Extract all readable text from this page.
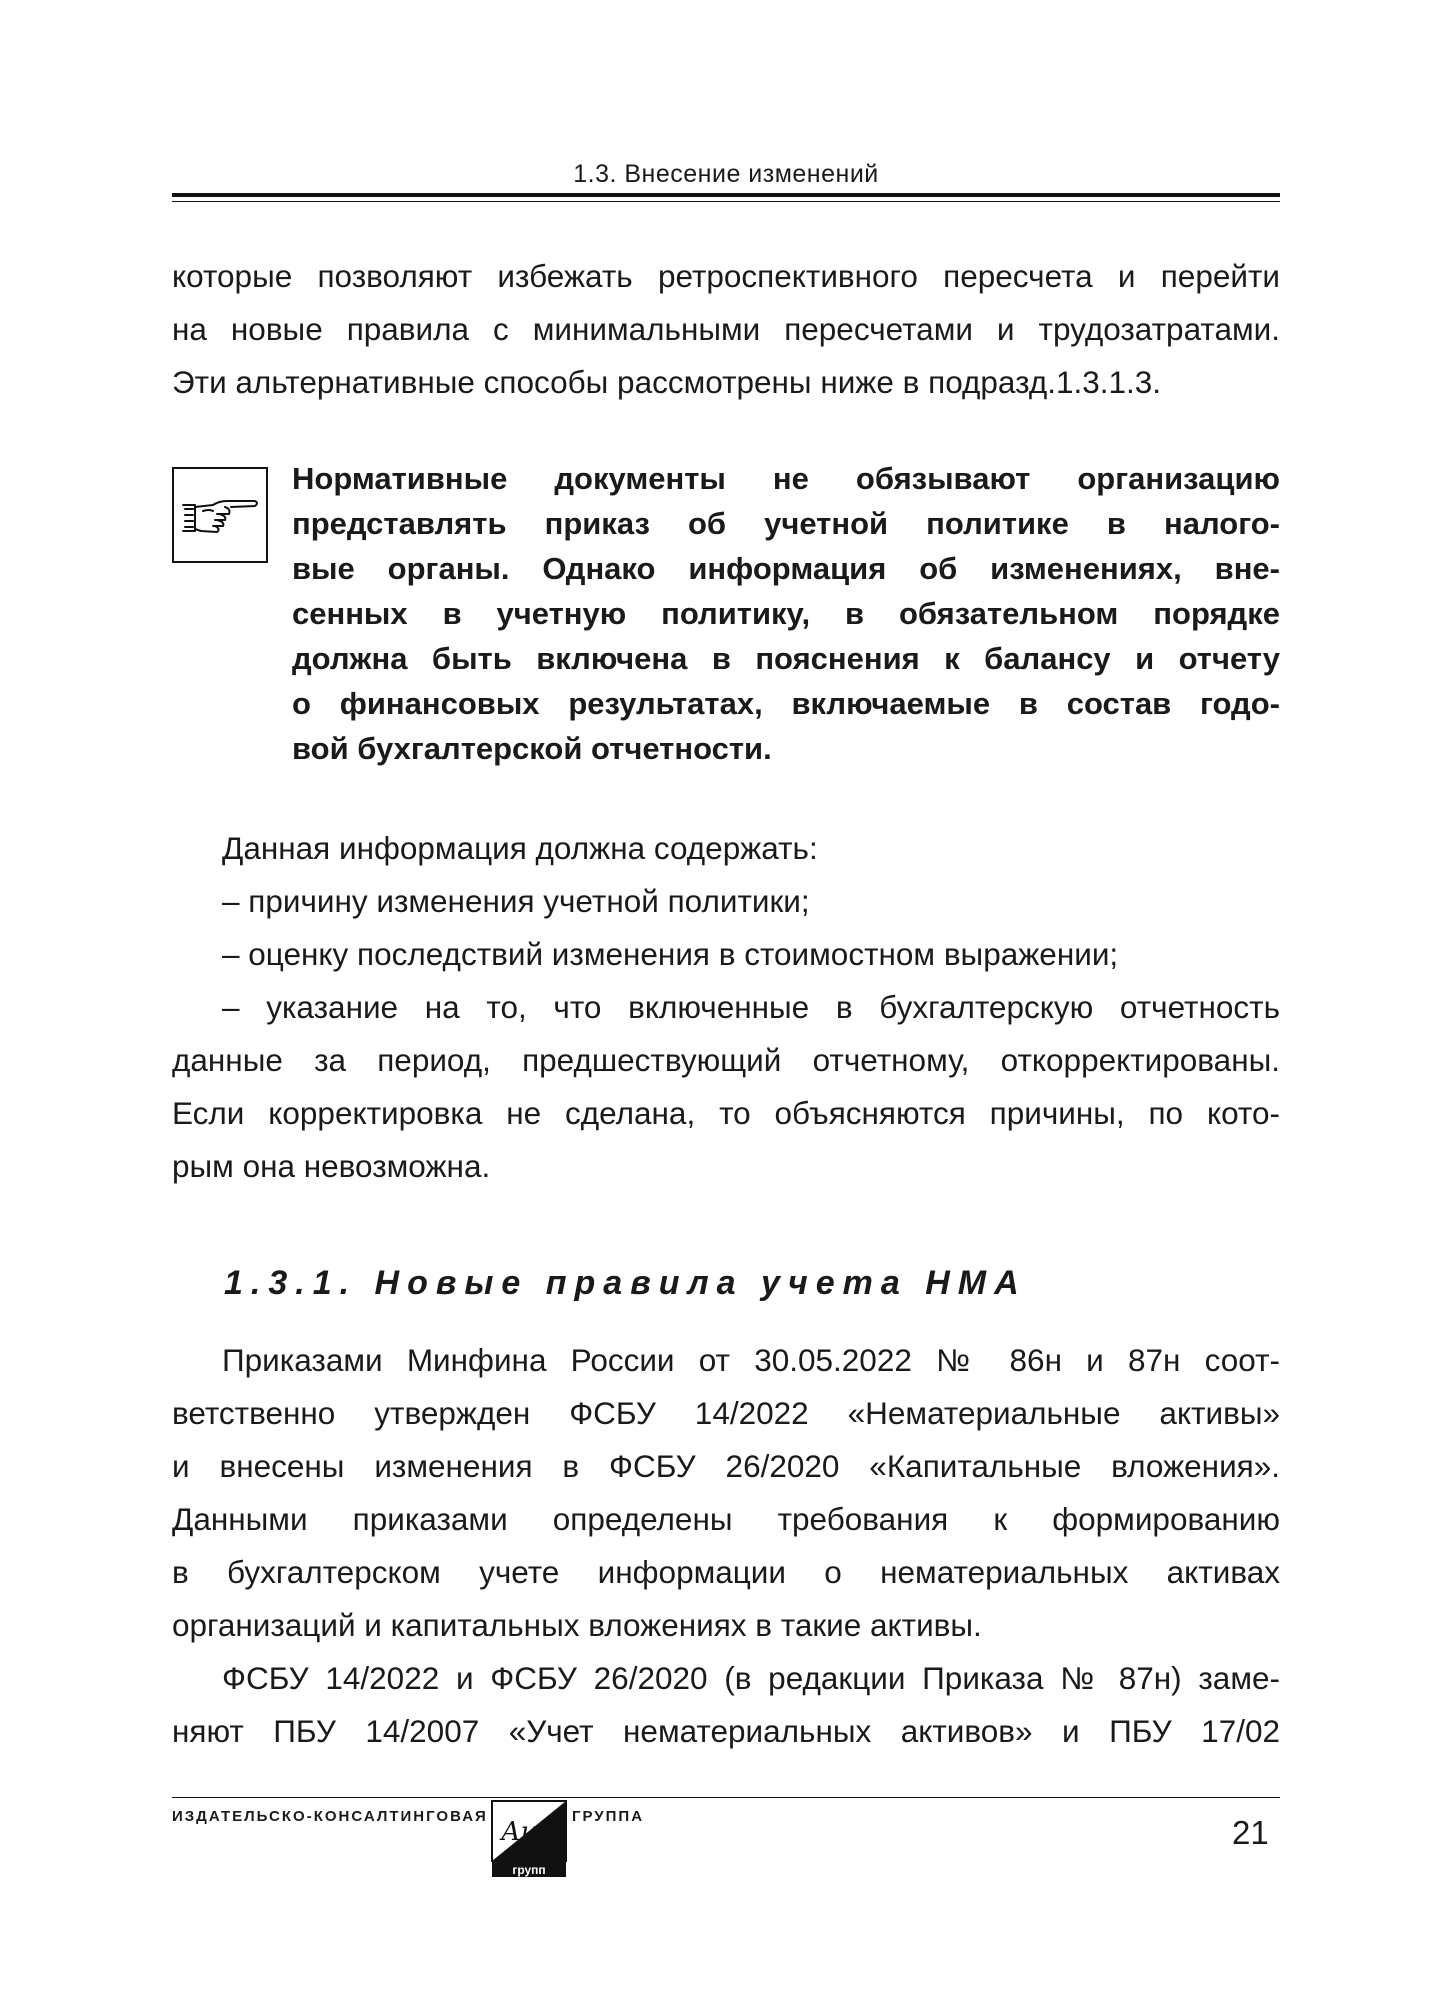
1.3. Внесение изменений
которые позволяют избежать ретроспективного пересчета и перейти
на новые правила с минимальными пересчетами и трудозатратами.
Эти альтернативные способы рассмотрены ниже в подразд.1.3.1.3.
Нормативные документы не обязывают организацию
представлять приказ об учетной политике в налого-
вые органы. Однако информация об изменениях, вне-
сенных в учетную политику, в обязательном порядке
должна быть включена в пояснения к балансу и отчету
о финансовых результатах, включаемые в состав годо-
вой бухгалтерской отчетности.
Данная информация должна содержать:
– причину изменения учетной политики;
– оценку последствий изменения в стоимостном выражении;
– указание на то, что включенные в бухгалтерскую отчетность
данные за период, предшествующий отчетному, откорректированы.
Если корректировка не сделана, то объясняются причины, по кото-
рым она невозможна.
1.3.1. Новые правила учета НМА
Приказами Минфина России от 30.05.2022 № 86н и 87н соот-
ветственно утвержден ФСБУ 14/2022 «Нематериальные активы»
и внесены изменения в ФСБУ 26/2020 «Капитальные вложения».
Данными приказами определены требования к формированию
в бухгалтерском учете информации о нематериальных активах
организаций и капитальных вложениях в такие активы.
ФСБУ 14/2022 и ФСБУ 26/2020 (в редакции Приказа № 87н) заме-
няют ПБУ 14/2007 «Учет нематериальных активов» и ПБУ 17/02
ИЗДАТЕЛЬСКО-КОНСАЛТИНГОВАЯ	ГРУППА
АиС
групп
21
